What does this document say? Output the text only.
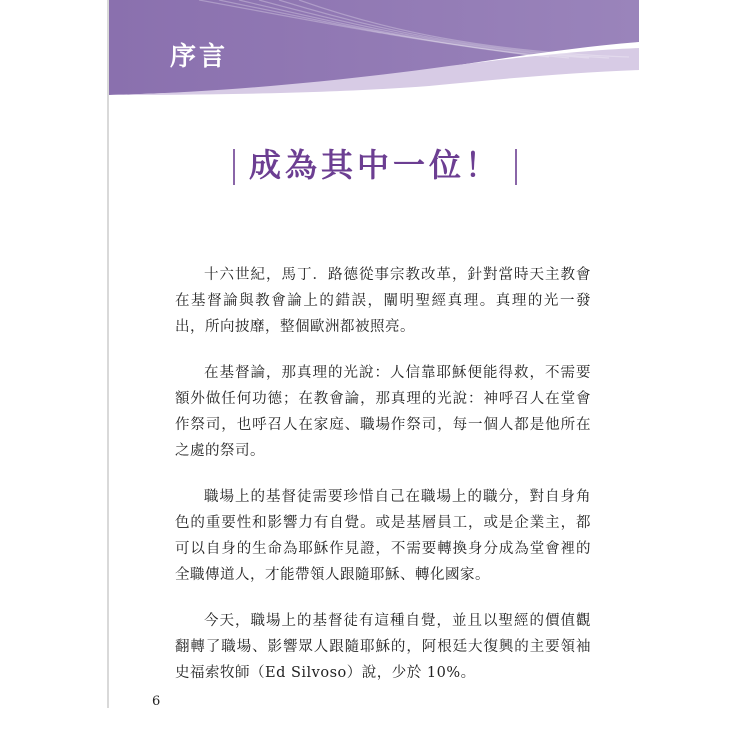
序言
成為其中一位！

十六世紀，馬丁．路德從事宗教改革，針對當時天主教會在基督論與教會論上的錯誤，闡明聖經真理。真理的光一發出，所向披靡，整個歐洲都被照亮。

在基督論，那真理的光說：人信靠耶穌便能得救，不需要額外做任何功德；在教會論，那真理的光說：神呼召人在堂會作祭司，也呼召人在家庭、職場作祭司，每一個人都是他所在之處的祭司。

職場上的基督徒需要珍惜自己在職場上的職分，對自身角色的重要性和影響力有自覺。或是基層員工，或是企業主，都可以自身的生命為耶穌作見證，不需要轉換身分成為堂會裡的全職傳道人，才能帶領人跟隨耶穌、轉化國家。

今天，職場上的基督徒有這種自覺，並且以聖經的價值觀翻轉了職場、影響眾人跟隨耶穌的，阿根廷大復興的主要領袖史福索牧師（Ed Silvoso）說，少於 10%。

6
